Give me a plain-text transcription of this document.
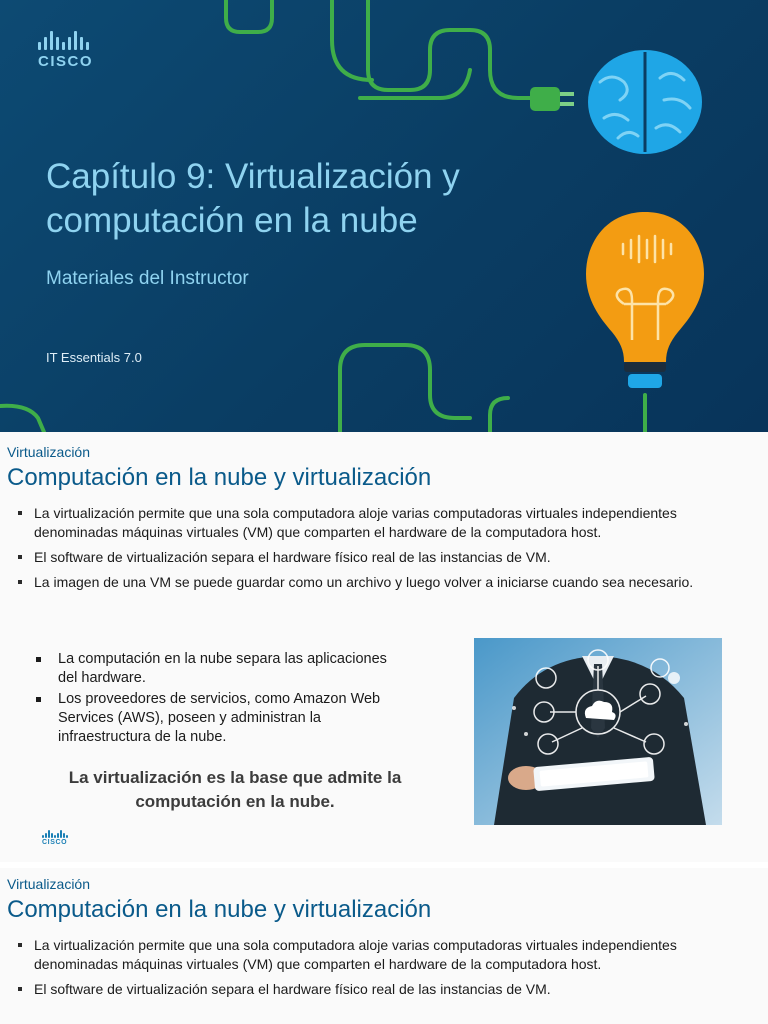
CISCO
Capítulo 9: Virtualización y computación en la nube
Materiales del Instructor
IT Essentials 7.0
Virtualización
Computación en la nube y virtualización
La virtualización permite que una sola computadora aloje varias computadoras virtuales independientes denominadas máquinas virtuales (VM) que comparten el hardware de la computadora host.
El software de virtualización separa el hardware físico real de las instancias de VM.
La imagen de una VM se puede guardar como un archivo y luego volver a iniciarse cuando sea necesario.
La computación en la nube separa las aplicaciones del hardware.
Los proveedores de servicios, como Amazon Web Services (AWS), poseen y administran la infraestructura de la nube.
La virtualización es la base que admite la computación en la nube.
CISCO
Virtualización
Computación en la nube y virtualización
La virtualización permite que una sola computadora aloje varias computadoras virtuales independientes denominadas máquinas virtuales (VM) que comparten el hardware de la computadora host.
El software de virtualización separa el hardware físico real de las instancias de VM.
